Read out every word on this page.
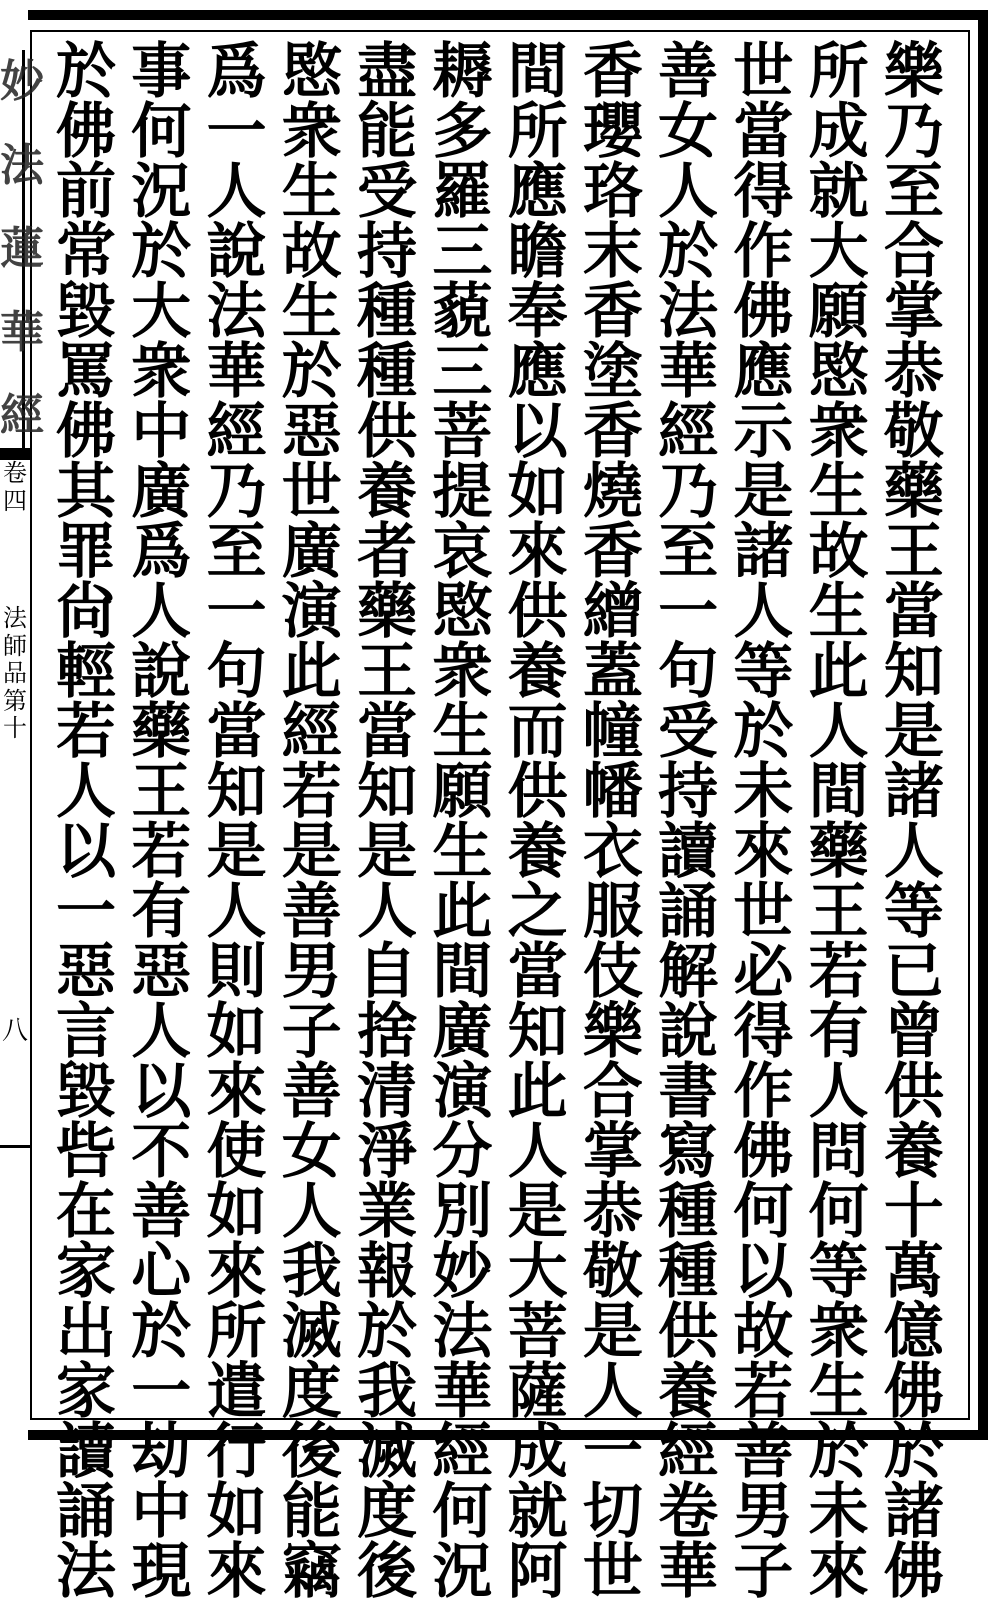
妙法蓮華經
卷四
法師品第十
八
樂
乃
至
合
掌
恭
敬
藥
王
當
知
是
諸
人
等
已
曾
供
養
十
萬
億
佛
於
諸
佛
所
成
就
大
願
愍
衆
生
故
生
此
人
間
藥
王
若
有
人
問
何
等
衆
生
於
未
來
世
當
得
作
佛
應
示
是
諸
人
等
於
未
來
世
必
得
作
佛
何
以
故
若
善
男
子
善
女
人
於
法
華
經
乃
至
一
句
受
持
讀
誦
解
說
書
寫
種
種
供
養
經
卷
華
香
瓔
珞
末
香
塗
香
燒
香
繒
蓋
幢
幡
衣
服
伎
樂
合
掌
恭
敬
是
人
一
切
世
間
所
應
瞻
奉
應
以
如
來
供
養
而
供
養
之
當
知
此
人
是
大
菩
薩
成
就
阿
耨
多
羅
三
藐
三
菩
提
哀
愍
衆
生
願
生
此
間
廣
演
分
別
妙
法
華
經
何
況
盡
能
受
持
種
種
供
養
者
藥
王
當
知
是
人
自
捨
清
淨
業
報
於
我
滅
度
後
愍
衆
生
故
生
於
惡
世
廣
演
此
經
若
是
善
男
子
善
女
人
我
滅
度
後
能
竊
爲
一
人
說
法
華
經
乃
至
一
句
當
知
是
人
則
如
來
使
如
來
所
遣
行
如
來
事
何
況
於
大
衆
中
廣
爲
人
說
藥
王
若
有
惡
人
以
不
善
心
於
一
劫
中
現
於
佛
前
常
毀
罵
佛
其
罪
尙
輕
若
人
以
一
惡
言
毀
呰
在
家
出
家
讀
誦
法
